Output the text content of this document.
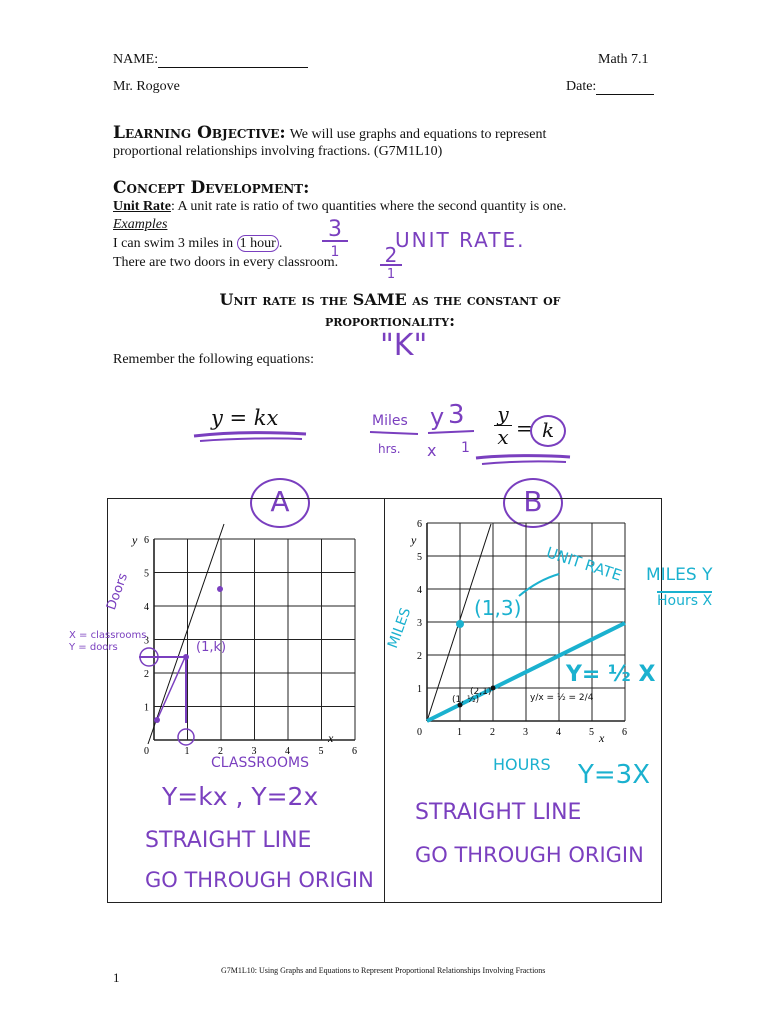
NAME:	Math 7.1
Mr. Rogove	Date:
Learning Objective: We will use graphs and equations to represent
proportional relationships involving fractions. (G7M1L10)
Concept Development:
Unit Rate: A unit rate is ratio of two quantities where the second quantity is one.
Examples
I can swim 3 miles in 1 hour .
There are two doors in every classroom.
3
1	UNIT RATE.
2
1
Unit rate is the SAME as the constant of
proportionality:
"K"
Remember the following equations:
y = kx	Miles
hrs.
y
x
3
1
y
x = k
A	B
0	1	2	3	4	5	6
1
2
3
4
5
6
y
x
X = classrooms
Y = doors
Doors
(1,k)
CLASSROOMS
Y=kx , Y=2x
STRAIGHT LINE
GO THROUGH ORIGIN
0	1	2	3	4	5	6
1
2
3
4
5
6
y
x
MILES	(1,3)
UNIT RATE MILES Y
Hours X
Y= ½ X
(1, ½)
(2,1)
y/x = ½ = 2/4
HOURS Y=3X
STRAIGHT LINE
GO THROUGH ORIGIN
1	G7M1L10: Using Graphs and Equations to Represent Proportional Relationships Involving Fractions
